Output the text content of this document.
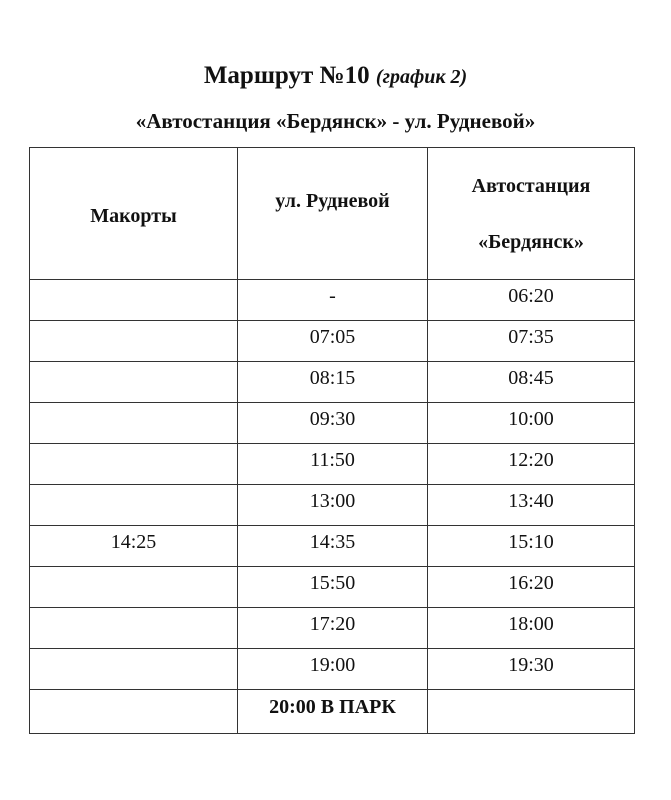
Маршрут №10 (график 2)
«Автостанция «Бердянск» - ул. Рудневой»
Макорты	ул. Рудневой	Автостанция
«Бердянск»
	-	06:20
	07:05	07:35
	08:15	08:45
	09:30	10:00
	11:50	12:20
	13:00	13:40
14:25	14:35	15:10
	15:50	16:20
	17:20	18:00
	19:00	19:30
	20:00 В ПАРК	
